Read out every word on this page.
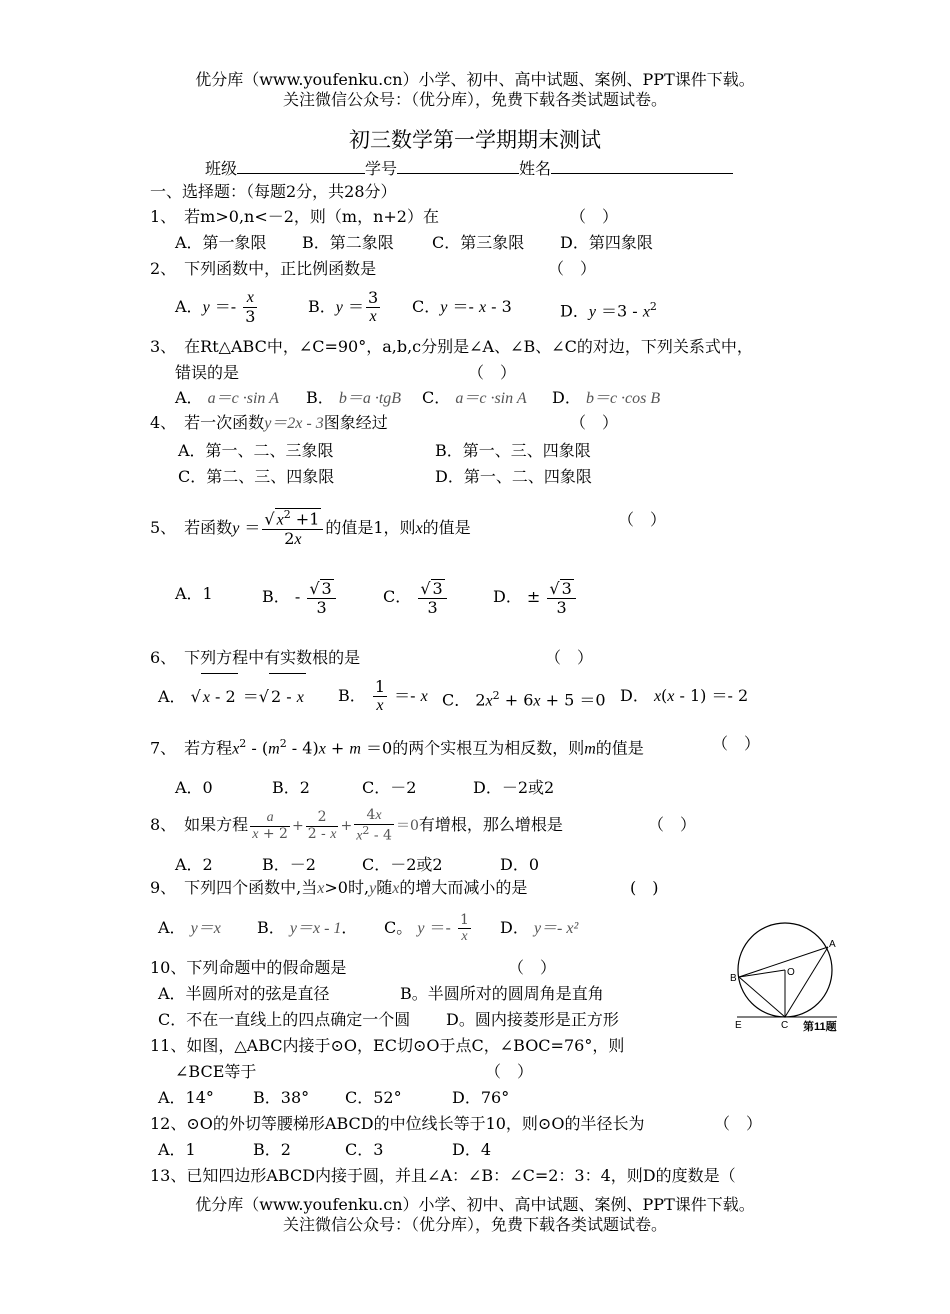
优分库（www.youfenku.cn）小学、初中、高中试题、案例、PPT课件下载。
关注微信公众号：（优分库），免费下载各类试题试卷。
初三数学第一学期期末测试
班级	学号	姓名
一、选择题：（每题2分，共28分）
1、　若m>0,n<－2，则（m，n+2）在	（　）
A．第一象限 B．第二象限 C．第三象限 D．第四象限
2、　下列函数中，正比例函数是	（　）
A．$y =- \frac{x}{3}$	B．$y = \frac{3}{x}$ C．y ＝- x - 3	D．$y =3 - x^2$
3、　在Rt△ABC中，∠C=90°，a,b,c分别是∠A、∠B、∠C的对边，下列关系式中，
错误的是	（　）
A． a＝c ·sin A B． b＝a ·tgB C． a＝c ·sin A D． b＝c ·cos B
4、　若一次函数y＝2x - 3图象经过	（　）
A．第一、二、三象限	B．第一、三、四象限
C．第二、三、四象限	D．第一、二、四象限
5、　若函数$y = \frac{√ x^2 +1}{2x}$ 的值是1，则x的值是	（　）
A．1	B． - $\frac{√ 3}{3}$	C． $\frac{√ 3}{3}$	D． ± $\frac{√ 3}{3}$
6、　下列方程中有实数根的是	（　）
A． √ x - 2 ＝√ 2 - x B． $\frac{1}{x} =- x$ C． $2x^2 + 6x + 5 =0$ D． x(x - 1) ＝- 2
7、　若方程$x^2 - (m^2 - 4)x + m =0$的两个实根互为相反数，则m的值是	（　）
A．0	B．2	C．－2	D．－2或2
8、　如果方程 $\frac{a}{x + 2} + \frac{2}{2 - x} + \frac{4x}{x^2 - 4} =0$有增根，那么增根是	（　）
A．2	B．－2	C．－2或2	D．0
9、　下列四个函数中,当x>0时,y随x的增大而减小的是	(　)
A． y＝x B． y＝x - 1． C。 $y =- \frac{1}{x}$ D． y＝- x²
10、下列命题中的假命题是	（　）
A．半圆所对的弦是直径	B。半圆所对的圆周角是直角
C．不在一直线上的四点确定一个圆 D。圆内接菱形是正方形
A
B
O
E	C 第11题
11、如图，△ABC内接于⊙O，EC切⊙O于点C，∠BOC=76°，则
∠BCE等于	（　）
A．14° B．38° C．52°	D．76°
12、⊙O的外切等腰梯形ABCD的中位线长等于10，则⊙O的半径长为	（　）
A．1	B．2	C．3	D．4
13、已知四边形ABCD内接于圆，并且∠A：∠B：∠C=2：3：4，则D的度数是（
优分库（www.youfenku.cn）小学、初中、高中试题、案例、PPT课件下载。
关注微信公众号：（优分库），免费下载各类试题试卷。
